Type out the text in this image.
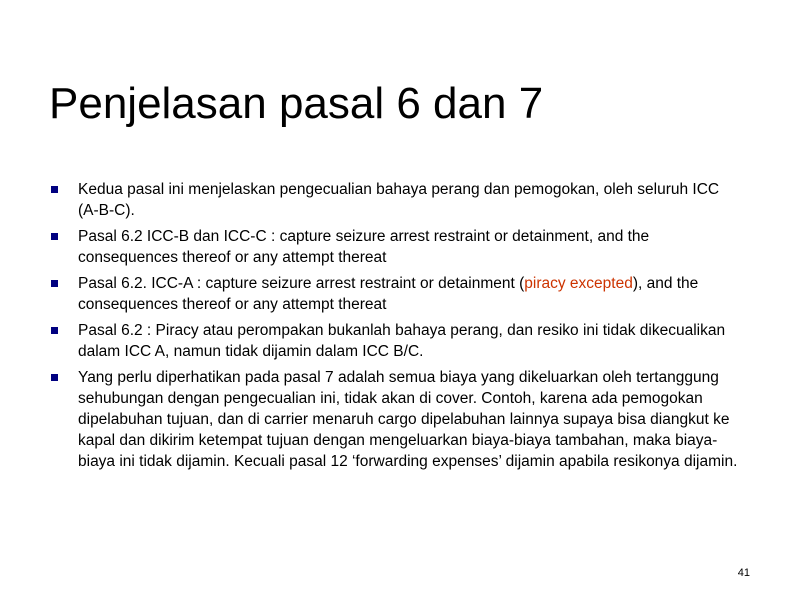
Penjelasan pasal 6 dan 7
Kedua pasal ini menjelaskan pengecualian bahaya perang dan pemogokan, oleh seluruh ICC (A-B-C).
Pasal 6.2 ICC-B dan ICC-C : capture seizure arrest restraint or detainment, and the consequences thereof or any attempt thereat
Pasal 6.2. ICC-A : capture seizure arrest restraint or detainment (piracy excepted), and the consequences thereof or any attempt thereat
Pasal 6.2 : Piracy atau perompakan bukanlah bahaya perang, dan resiko ini tidak dikecualikan dalam ICC A, namun tidak dijamin dalam ICC B/C.
Yang perlu diperhatikan pada pasal 7 adalah semua biaya yang dikeluarkan oleh tertanggung sehubungan dengan pengecualian ini, tidak akan di cover. Contoh, karena ada pemogokan dipelabuhan tujuan, dan di carrier menaruh cargo dipelabuhan lainnya supaya bisa diangkut ke kapal dan dikirim ketempat tujuan dengan mengeluarkan biaya-biaya tambahan, maka biaya-biaya ini tidak dijamin. Kecuali pasal 12 ‘forwarding expenses’ dijamin apabila resikonya dijamin.
41
